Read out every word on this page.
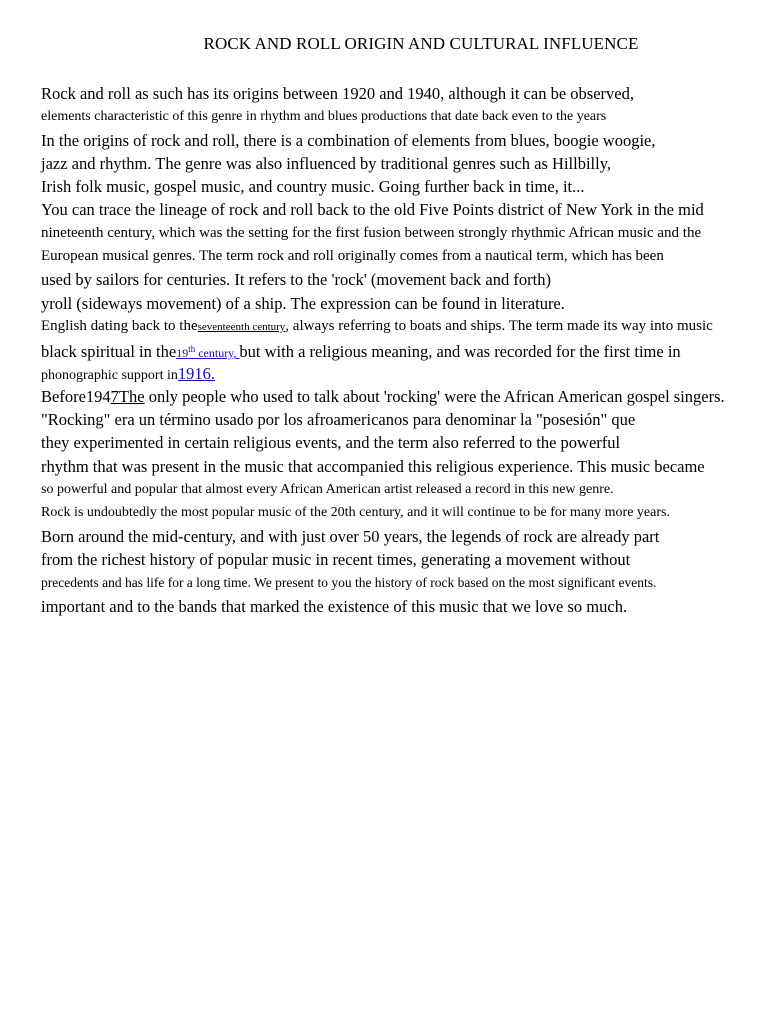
ROCK AND ROLL ORIGIN AND CULTURAL INFLUENCE
Rock and roll as such has its origins between 1920 and 1940, although it can be observed,
elements characteristic of this genre in rhythm and blues productions that date back even to the years
In the origins of rock and roll, there is a combination of elements from blues, boogie woogie,
jazz and rhythm. The genre was also influenced by traditional genres such as Hillbilly,
Irish folk music, gospel music, and country music. Going further back in time, it...
You can trace the lineage of rock and roll back to the old Five Points district of New York in the mid
nineteenth century, which was the setting for the first fusion between strongly rhythmic African music and the
European musical genres. The term rock and roll originally comes from a nautical term, which has been
used by sailors for centuries. It refers to the 'rock' (movement back and forth)
yroll (sideways movement) of a ship. The expression can be found in literature.
English dating back to theseventeenth century, always referring to boats and ships. The term made its way into music
black spiritual in the19th century, but with a religious meaning, and was recorded for the first time in
phonographic support in1916.
Before1947The only people who used to talk about 'rocking' were the African American gospel singers.
"Rocking" era un término usado por los afroamericanos para denominar la "posesión" que
they experimented in certain religious events, and the term also referred to the powerful
rhythm that was present in the music that accompanied this religious experience. This music became
so powerful and popular that almost every African American artist released a record in this new genre.
Rock is undoubtedly the most popular music of the 20th century, and it will continue to be for many more years.
Born around the mid-century, and with just over 50 years, the legends of rock are already part
from the richest history of popular music in recent times, generating a movement without
precedents and has life for a long time. We present to you the history of rock based on the most significant events.
important and to the bands that marked the existence of this music that we love so much.
